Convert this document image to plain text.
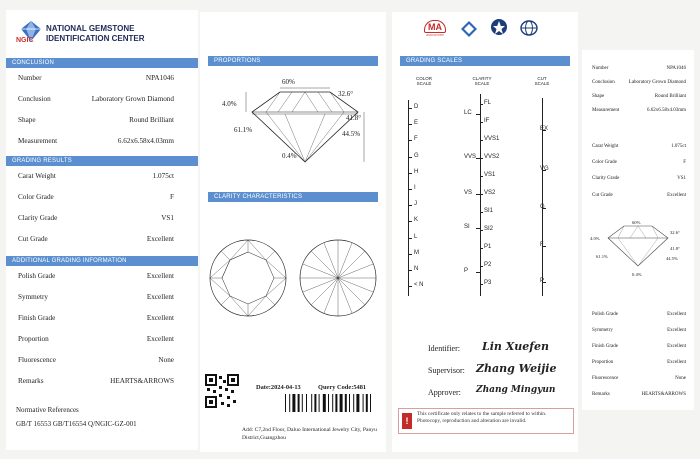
NATIONAL GEMSTONE
IDENTIFICATION CENTER
NGIC
CONCLUSION
Number	NPA1046
Conclusion	Laboratory Grown Diamond
Shape	Round Brilliant
Measurement	6.62x6.58x4.03mm
GRADING RESULTS
Carat Weight	1.075ct
Color Grade	F
Clarity Grade	VS1
Cut Grade	Excellent
ADDITIONAL GRADING INFORMATION
Polish Grade	Excellent
Symmetry	Excellent
Finish Grade	Excellent
Proportion	Excellent
Fluorescence	None
Remarks	HEARTS&ARROWS
Normative References
GB/T 16553 GB/T16554 Q/NGIC-GZ-001
PROPORTIONS
60%
32.6°
4.0%
41.8°
61.1%	44.5%
0.4%
CLARITY CHARACTERISTICS
Date:2024-04-13	Query Code:5481
Add: C7,2nd Floor, Daluo International Jewelry City, Panyu District,Guangzhou
MA
202019070387
GRADING SCALES
COLOR SCALE
CLARITY SCALE
CUT SCALE
D
E
F
G
H
I
J
K
L
M
N
< N
FL
IF
VVS1
VVS2
VS1
VS2
SI1
SI2
P1
P2
P3
LC
VVS
VS
SI
P
EX
VG
G
F
P
Identifier: Lin Xuefen
Supervisor: Zhang Weijie
Approver: Zhang Mingyun
!
This certificate only relates to the sample referred to within. Photocopy, reproduction and alteration are invalid.
Number	NPA1046
Conclusion	Laboratory Grown Diamond
Shape	Round Brilliant
Measurement	6.62x6.58x4.03mm
Carat Weight	1.075ct
Color Grade	F
Clarity Grade	VS1
Cut Grade	Excellent
Polish Grade	Excellent
Symmetry	Excellent
Finish Grade	Excellent
Proportion	Excellent
Fluorescence	None
Remarks	HEARTS&ARROWS
60%
32.6°
4.0%
41.8°
61.1%	44.5%
0.4%
